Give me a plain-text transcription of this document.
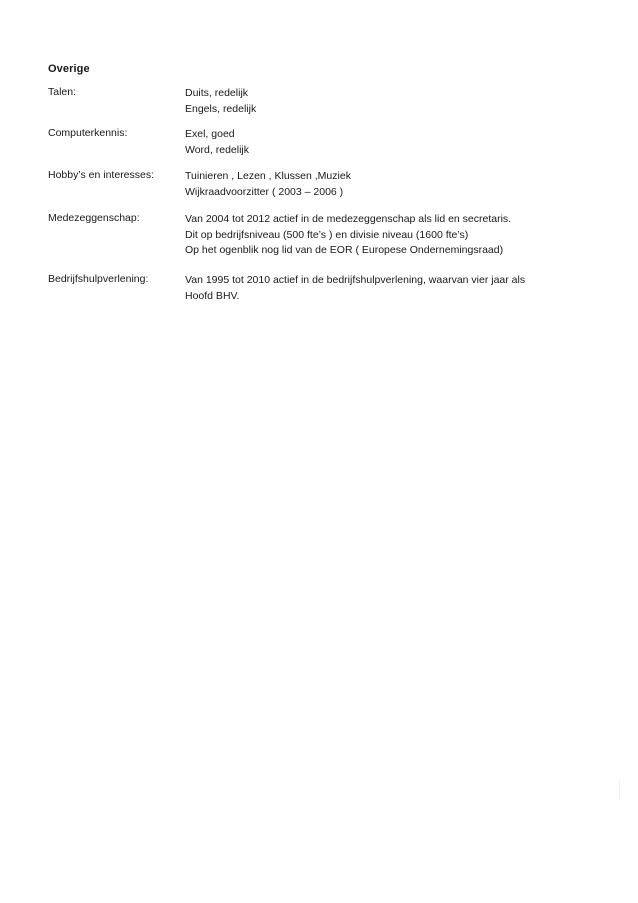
Overige
Talen:	Duits, redelijk
Engels, redelijk
Computerkennis:	Exel, goed
Word, redelijk
Hobby’s en interesses:	Tuinieren , Lezen , Klussen ,Muziek
Wijkraadvoorzitter ( 2003 – 2006 )
Medezeggenschap:	Van 2004 tot 2012 actief in de medezeggenschap als lid en secretaris.
Dit op bedrijfsniveau (500 fte’s ) en divisie niveau (1600 fte’s)
Op het ogenblik nog lid van de EOR ( Europese Ondernemingsraad)
Bedrijfshulpverlening:	Van 1995 tot 2010 actief in de bedrijfshulpverlening, waarvan vier jaar als
Hoofd BHV.
